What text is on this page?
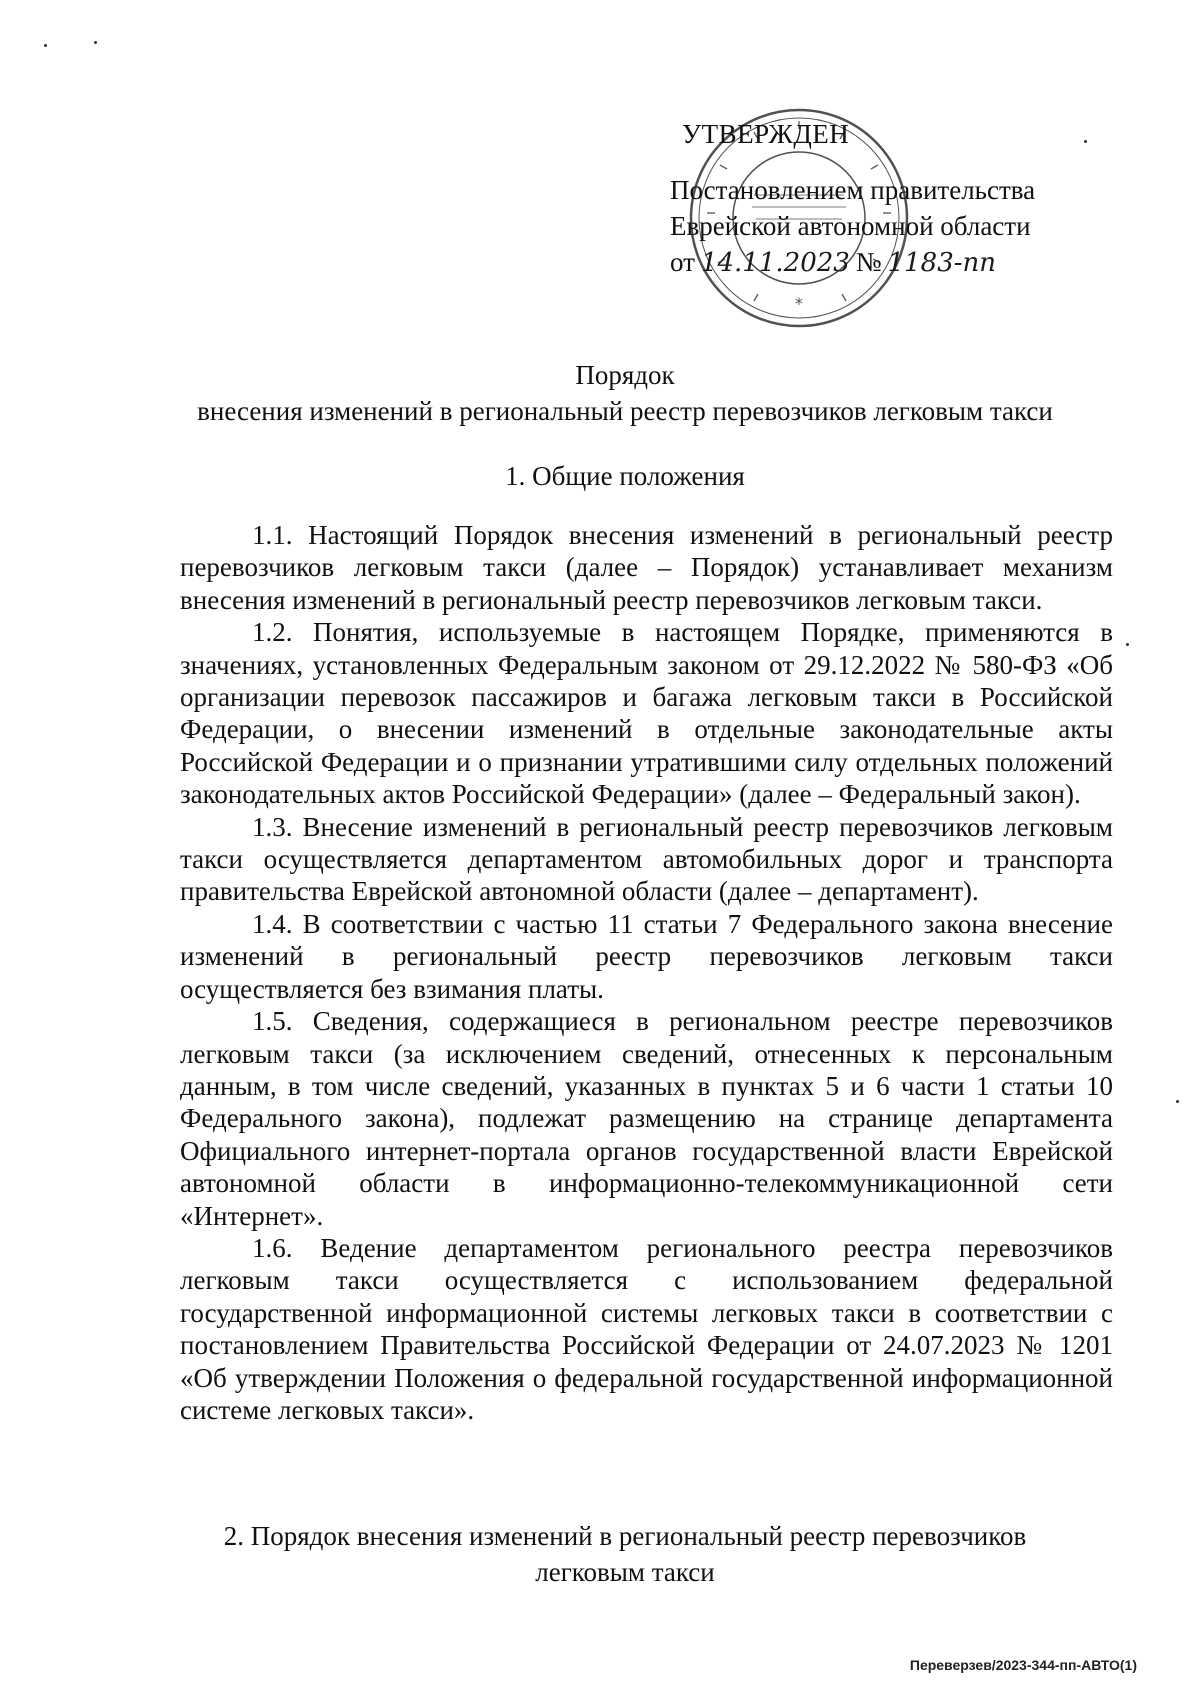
*
УТВЕРЖДЕН
Постановлением правительства
Еврейской автономной области
от 14.11.2023 № 1183-пп
Порядок
внесения изменений в региональный реестр перевозчиков легковым такси
1. Общие положения

1.1. Настоящий Порядок внесения изменений в региональный реестр перевозчиков легковым такси (далее – Порядок) устанавливает механизм внесения изменений в региональный реестр перевозчиков легковым такси.

1.2. Понятия, используемые в настоящем Порядке, применяются в значениях, установленных Федеральным законом от 29.12.2022 № 580-ФЗ «Об организации перевозок пассажиров и багажа легковым такси в Российской Федерации, о внесении изменений в отдельные законодательные акты Российской Федерации и о признании утратившими силу отдельных положений законодательных актов Российской Федерации» (далее – Федеральный закон).

1.3. Внесение изменений в региональный реестр перевозчиков легковым такси осуществляется департаментом автомобильных дорог и транспорта правительства Еврейской автономной области (далее – департамент).

1.4. В соответствии с частью 11 статьи 7 Федерального закона внесение изменений в региональный реестр перевозчиков легковым такси осуществляется без взимания платы.

1.5. Сведения, содержащиеся в региональном реестре перевозчиков легковым такси (за исключением сведений, отнесенных к персональным данным, в том числе сведений, указанных в пунктах 5 и 6 части 1 статьи 10 Федерального закона), подлежат размещению на странице департамента Официального интернет-портала органов государственной власти Еврейской автономной области в информационно-телекоммуникационной сети «Интернет».

1.6. Ведение департаментом регионального реестра перевозчиков легковым такси осуществляется с использованием федеральной государственной информационной системы легковых такси в соответствии с постановлением Правительства Российской Федерации от 24.07.2023 № 1201 «Об утверждении Положения о федеральной государственной информационной системе легковых такси».

2. Порядок внесения изменений в региональный реестр перевозчиков
легковым такси
Переверзев/2023-344-пп-АВТО(1)
